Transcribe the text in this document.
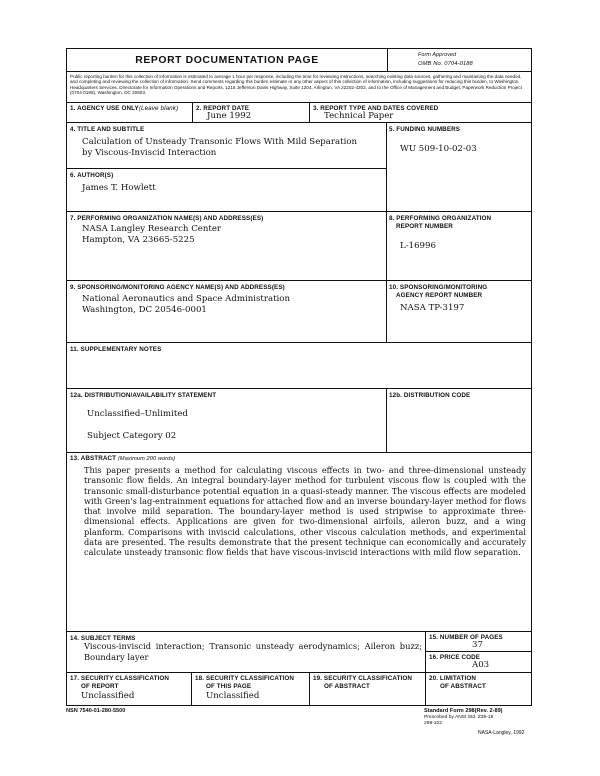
REPORT DOCUMENTATION PAGE	Form Approved
OMB No. 0704-0188
Public reporting burden for this collection of information is estimated to average 1 hour per response, including the time for reviewing instructions, searching existing data sources, gathering and maintaining the data needed, and completing and reviewing the collection of information. Send comments regarding this burden estimate or any other aspect of this collection of information, including suggestions for reducing this burden, to Washington Headquarters Services, Directorate for Information Operations and Reports, 1215 Jefferson Davis Highway, Suite 1204, Arlington, VA 22202-4302, and to the Office of Management and Budget, Paperwork Reduction Project (0704-0188), Washington, DC 20503.
1. AGENCY USE ONLY(Leave blank)	2. REPORT DATE
June 1992
3. REPORT TYPE AND DATES COVERED
Technical Paper
4. TITLE AND SUBTITLE
Calculation of Unsteady Transonic Flows With Mild Separation
by Viscous-Inviscid Interaction
6. AUTHOR(S)
James T. Howlett
5. FUNDING NUMBERS
WU 509-10-02-03
7. PERFORMING ORGANIZATION NAME(S) AND ADDRESS(ES)
NASA Langley Research Center
Hampton, VA 23665-5225
8. PERFORMING ORGANIZATION
REPORT NUMBER
L-16996
9. SPONSORING/MONITORING AGENCY NAME(S) AND ADDRESS(ES)
National Aeronautics and Space Administration
Washington, DC 20546-0001
10. SPONSORING/MONITORING
AGENCY REPORT NUMBER
NASA TP-3197
11. SUPPLEMENTARY NOTES
12a. DISTRIBUTION/AVAILABILITY STATEMENT
Unclassified–Unlimited
Subject Category 02
12b. DISTRIBUTION CODE
13. ABSTRACT (Maximum 200 words)
This paper presents a method for calculating viscous effects in two- and three-dimensional unsteady transonic flow fields. An integral boundary-layer method for turbulent viscous flow is coupled with the transonic small-disturbance potential equation in a quasi-steady manner. The viscous effects are modeled with Green's lag-entrainment equations for attached flow and an inverse boundary-layer method for flows that involve mild separation. The boundary-layer method is used stripwise to approximate three-dimensional effects. Applications are given for two-dimensional airfoils, aileron buzz, and a wing planform. Comparisons with inviscid calculations, other viscous calculation methods, and experimental data are presented. The results demonstrate that the present technique can economically and accurately calculate unsteady transonic flow fields that have viscous-inviscid interactions with mild flow separation.
14. SUBJECT TERMS
Viscous-inviscid interaction; Transonic unsteady aerodynamics; Aileron buzz; Boundary layer
15. NUMBER OF PAGES
37
16. PRICE CODE
A03
17. SECURITY CLASSIFICATION
OF REPORT
Unclassified
18. SECURITY CLASSIFICATION
OF THIS PAGE
Unclassified
19. SECURITY CLASSIFICATION
OF ABSTRACT
20. LIMITATION
OF ABSTRACT
NSN 7540-01-280-5500	Standard Form 298(Rev. 2-89)
Prescribed by ANSI Std. Z39-18
298-102
NASA-Langley, 1992
